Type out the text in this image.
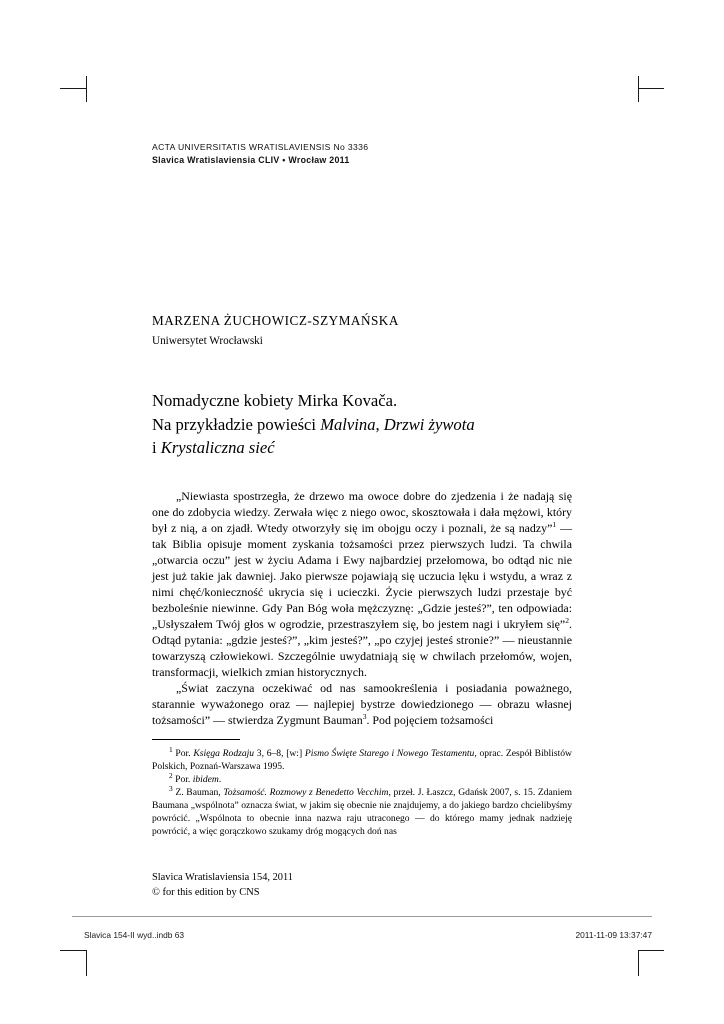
ACTA UNIVERSITATIS WRATISLAVIENSIS No 3336
Slavica Wratislaviensia CLIV • Wrocław 2011
MARZENA ŻUCHOWICZ-SZYMAŃSKA
Uniwersytet Wrocławski
Nomadyczne kobiety Mirka Kovača.
Na przykładzie powieści Malvina, Drzwi żywota
i Krystaliczna sieć

„Niewiasta spostrzegła, że drzewo ma owoce dobre do zjedzenia i że nadają się one do zdobycia wiedzy. Zerwała więc z niego owoc, skosztowała i dała mężowi, który był z nią, a on zjadł. Wtedy otworzyły się im obojgu oczy i poznali, że są nadzy”$^1$ — tak Biblia opisuje moment zyskania tożsamości przez pierwszych ludzi. Ta chwila „otwarcia oczu” jest w życiu Adama i Ewy najbardziej przełomowa, bo odtąd nic nie jest już takie jak dawniej. Jako pierwsze pojawiają się uczucia lęku i wstydu, a wraz z nimi chęć/konieczność ukrycia się i ucieczki. Życie pierwszych ludzi przestaje być bezboleśnie niewinne. Gdy Pan Bóg woła mężczyznę: „Gdzie jesteś?”, ten odpowiada: „Usłyszałem Twój głos w ogrodzie, przestraszyłem się, bo jestem nagi i ukryłem się”$^2$. Odtąd pytania: „gdzie jesteś?”, „kim jesteś?”, „po czyjej jesteś stronie?” — nieustannie towarzyszą człowiekowi. Szczególnie uwydatniają się w chwilach przełomów, wojen, transformacji, wielkich zmian historycznych.

„Świat zaczyna oczekiwać od nas samookreślenia i posiadania poważnego, starannie wyważonego oraz — najlepiej bystrze dowiedzionego — obrazu własnej tożsamości” — stwierdza Zygmunt Bauman$^3$. Pod pojęciem tożsamości

$^1$ Por. Księga Rodzaju 3, 6–8, [w:] Pismo Święte Starego i Nowego Testamentu, oprac. Zespół Biblistów Polskich, Poznań-Warszawa 1995.

$^2$ Por. ibidem.

$^3$ Z. Bauman, Tożsamość. Rozmowy z Benedetto Vecchim, przeł. J. Łaszcz, Gdańsk 2007, s. 15. Zdaniem Baumana „wspólnota” oznacza świat, w jakim się obecnie nie znajdujemy, a do jakiego bardzo chcielibyśmy powrócić. „Wspólnota to obecnie inna nazwa raju utraconego — do którego mamy jednak nadzieję powrócić, a więc gorączkowo szukamy dróg mogących doń nas

Slavica Wratislaviensia 154, 2011
© for this edition by CNS
Slavica 154-II wyd..indb 63	2011-11-09 13:37:47
